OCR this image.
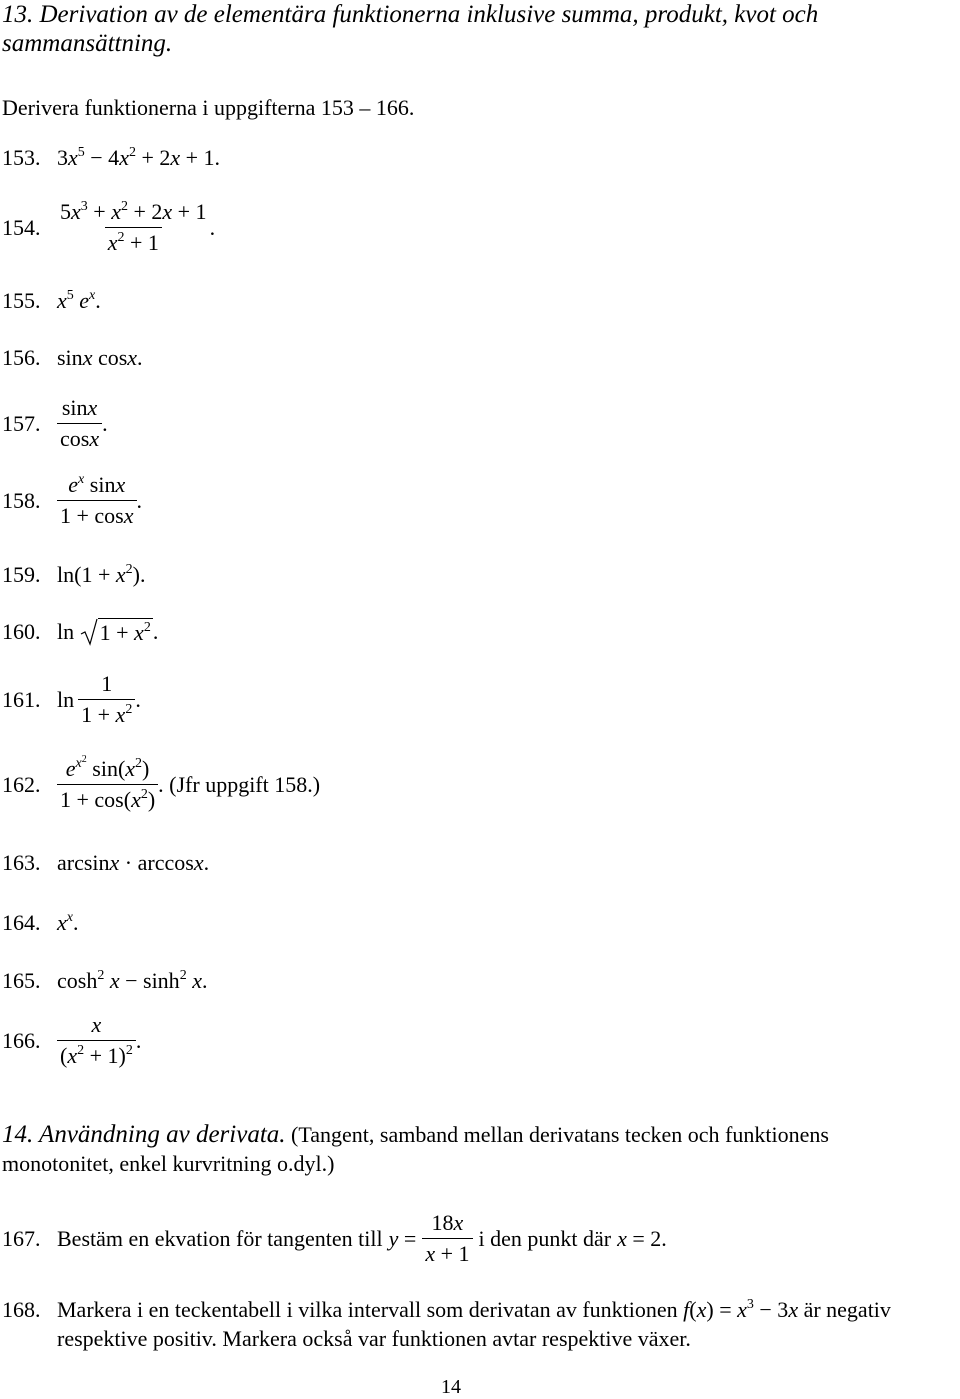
13. Derivation av de elementära funktionerna inklusive summa, produkt, kvot och
sammansättning.
Derivera funktionerna i uppgifterna 153 – 166.
153. $3x^5 - 4x^2 + 2x + 1$.
154. $\frac{5x^3 + x^2 + 2x + 1}{x^2 + 1}$ .
155. $x^5$ $e^x$.
156. sinx cosx.
157. $\frac{\sin x}{\cos x}$ .
158. $\frac{e^x \sin x}{1 + \cos x}$ .
159. $\ln(1 + x^2)$.
160. $\ln 1 + x^2$ .
161. $\ln \frac{1}{1 + x^2}$ .
162. $\frac{e^{x^2} \sin(x^2)}{1 + \cos(x^2)}$ . (Jfr uppgift 158.)
163. arcsinx · arccosx.
164. $x^x$.
165. $\cosh^2 x - \sinh^2 x$.
166. $\frac{x}{(x^2 + 1)^2}$ .
14. Användning av derivata. (Tangent, samband mellan derivatans tecken och funktionens
monotonitet, enkel kurvritning o.dyl.)
167. Bestäm en ekvation för tangenten till $y = \frac{18x}{x + 1}$ i den punkt där x = 2.
168. Markera i en teckentabell i vilka intervall som derivatan av funktionen $f(x) = x^3 - 3x$ är negativ
respektive positiv. Markera också var funktionen avtar respektive växer.
14
